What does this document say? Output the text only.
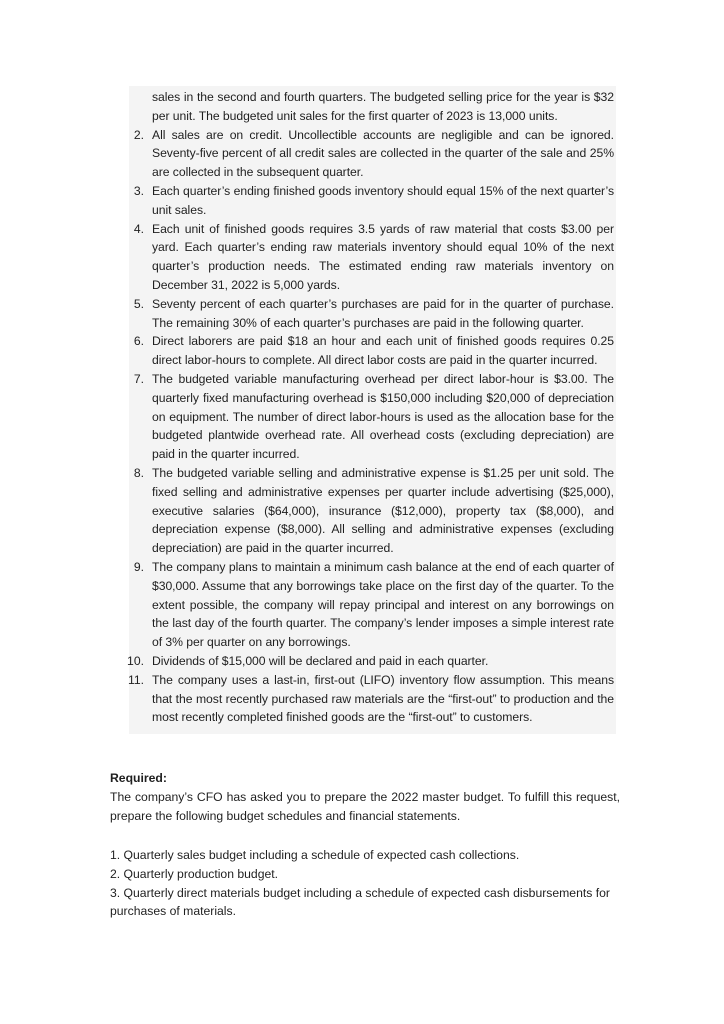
sales in the second and fourth quarters. The budgeted selling price for the year is $32 per unit. The budgeted unit sales for the first quarter of 2023 is 13,000 units.
2. All sales are on credit. Uncollectible accounts are negligible and can be ignored. Seventy-five percent of all credit sales are collected in the quarter of the sale and 25% are collected in the subsequent quarter.
3. Each quarter’s ending finished goods inventory should equal 15% of the next quarter’s unit sales.
4. Each unit of finished goods requires 3.5 yards of raw material that costs $3.00 per yard. Each quarter’s ending raw materials inventory should equal 10% of the next quarter’s production needs. The estimated ending raw materials inventory on December 31, 2022 is 5,000 yards.
5. Seventy percent of each quarter’s purchases are paid for in the quarter of purchase. The remaining 30% of each quarter’s purchases are paid in the following quarter.
6. Direct laborers are paid $18 an hour and each unit of finished goods requires 0.25 direct labor-hours to complete. All direct labor costs are paid in the quarter incurred.
7. The budgeted variable manufacturing overhead per direct labor-hour is $3.00. The quarterly fixed manufacturing overhead is $150,000 including $20,000 of depreciation on equipment. The number of direct labor-hours is used as the allocation base for the budgeted plantwide overhead rate. All overhead costs (excluding depreciation) are paid in the quarter incurred.
8. The budgeted variable selling and administrative expense is $1.25 per unit sold. The fixed selling and administrative expenses per quarter include advertising ($25,000), executive salaries ($64,000), insurance ($12,000), property tax ($8,000), and depreciation expense ($8,000). All selling and administrative expenses (excluding depreciation) are paid in the quarter incurred.
9. The company plans to maintain a minimum cash balance at the end of each quarter of $30,000. Assume that any borrowings take place on the first day of the quarter. To the extent possible, the company will repay principal and interest on any borrowings on the last day of the fourth quarter. The company’s lender imposes a simple interest rate of 3% per quarter on any borrowings.
10. Dividends of $15,000 will be declared and paid in each quarter.
11. The company uses a last-in, first-out (LIFO) inventory flow assumption. This means that the most recently purchased raw materials are the “first-out” to production and the most recently completed finished goods are the “first-out” to customers.
Required:
The company’s CFO has asked you to prepare the 2022 master budget. To fulfill this request, prepare the following budget schedules and financial statements.
1. Quarterly sales budget including a schedule of expected cash collections.
2. Quarterly production budget.
3. Quarterly direct materials budget including a schedule of expected cash disbursements for purchases of materials.
